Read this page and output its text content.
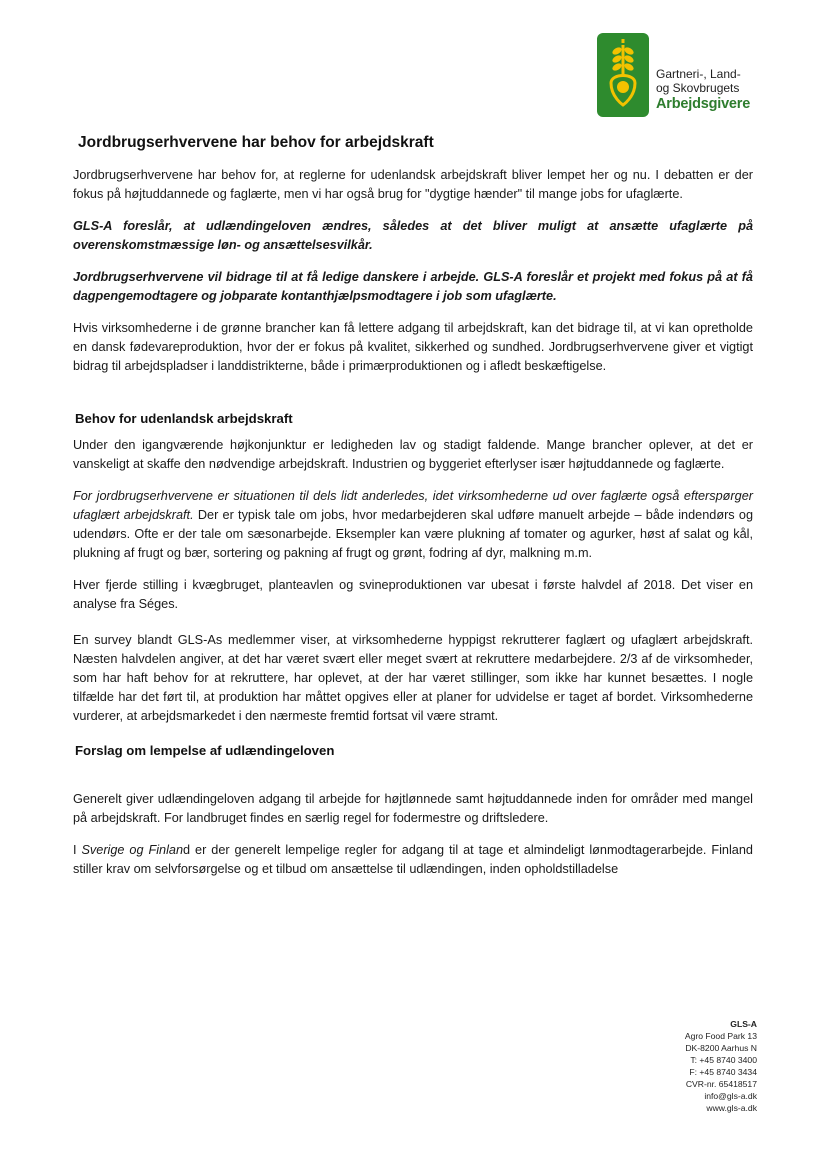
Gartneri-, Land-
og Skovbrugets
Arbejdsgivere
Jordbrugserhvervene har behov for arbejdskraft

Jordbrugserhvervene har behov for, at reglerne for udenlandsk arbejdskraft bliver lempet her og nu. I debatten er der fokus på højtuddannede og faglærte, men vi har også brug for "dygtige hænder" til mange jobs for ufaglærte.

GLS-A foreslår, at udlændingeloven ændres, således at det bliver muligt at ansætte ufaglærte på overenskomstmæssige løn- og ansættelsesvilkår.

Jordbrugserhvervene vil bidrage til at få ledige danskere i arbejde. GLS-A foreslår et projekt med fokus på at få dagpengemodtagere og jobparate kontanthjælpsmodtagere i job som ufaglærte.

Hvis virksomhederne i de grønne brancher kan få lettere adgang til arbejdskraft, kan det bidrage til, at vi kan opretholde en dansk fødevareproduktion, hvor der er fokus på kvalitet, sikkerhed og sundhed. Jordbrugserhvervene giver et vigtigt bidrag til arbejdspladser i landdistrikterne, både i primærproduktionen og i afledt beskæftigelse.

Behov for udenlandsk arbejdskraft

Under den igangværende højkonjunktur er ledigheden lav og stadigt faldende. Mange brancher oplever, at det er vanskeligt at skaffe den nødvendige arbejdskraft. Industrien og byggeriet efterlyser især højtuddannede og faglærte.

For jordbrugserhvervene er situationen til dels lidt anderledes, idet virksomhederne ud over faglærte også efterspørger ufaglært arbejdskraft. Der er typisk tale om jobs, hvor medarbejderen skal udføre manuelt arbejde – både indendørs og udendørs. Ofte er der tale om sæsonarbejde. Eksempler kan være plukning af tomater og agurker, høst af salat og kål, plukning af frugt og bær, sortering og pakning af frugt og grønt, fodring af dyr, malkning m.m.

Hver fjerde stilling i kvægbruget, planteavlen og svineproduktionen var ubesat i første halvdel af 2018. Det viser en analyse fra Séges.

En survey blandt GLS-As medlemmer viser, at virksomhederne hyppigst rekrutterer faglært og ufaglært arbejdskraft. Næsten halvdelen angiver, at det har været svært eller meget svært at rekruttere medarbejdere. 2/3 af de virksomheder, som har haft behov for at rekruttere, har oplevet, at der har været stillinger, som ikke har kunnet besættes. I nogle tilfælde har det ført til, at produktion har måttet opgives eller at planer for udvidelse er taget af bordet. Virksomhederne vurderer, at arbejdsmarkedet i den nærmeste fremtid fortsat vil være stramt.

Forslag om lempelse af udlændingeloven

Generelt giver udlændingeloven adgang til arbejde for højtlønnede samt højtuddannede inden for områder med mangel på arbejdskraft. For landbruget findes en særlig regel for fodermestre og driftsledere.

I Sverige og Finland er der generelt lempelige regler for adgang til at tage et almindeligt lønmodtagerarbejde. Finland stiller krav om selvforsørgelse og et tilbud om ansættelse til udlændingen, inden opholdstilladelse

GLS-A
Agro Food Park 13
DK-8200 Aarhus N
T: +45 8740 3400
F: +45 8740 3434
CVR-nr. 65418517
info@gls-a.dk
www.gls-a.dk
